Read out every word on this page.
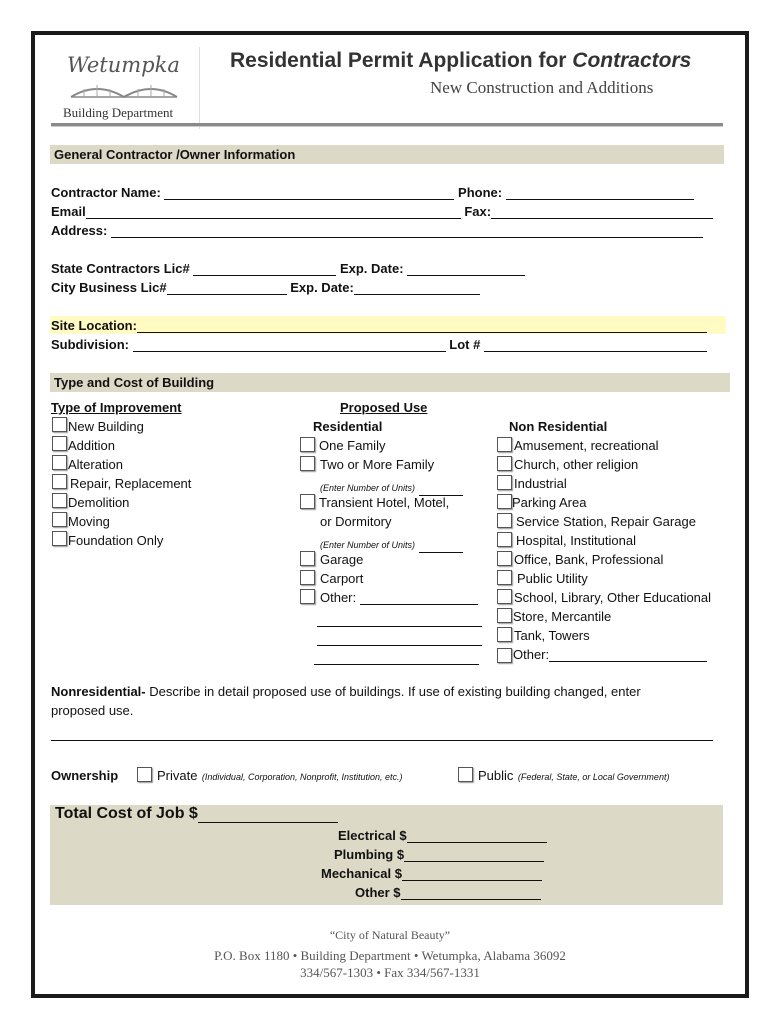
Wetumpka
Building Department
Residential Permit Application for Contractors
New Construction and Additions
General Contractor /Owner Information
Contractor Name:	Phone:
Email	Fax:
Address:
State Contractors Lic#	Exp. Date:
City Business Lic#	Exp. Date:
Site Location:
Subdivision:	Lot #
Type and Cost of Building
Type of Improvement	Proposed Use
Residential	Non Residential
New Building
Addition
Alteration
Repair, Replacement
Demolition
Moving
Foundation Only
One Family
Two or More Family
(Enter Number of Units)
Transient Hotel, Motel,
or Dormitory
(Enter Number of Units)
Garage
Carport
Other:
Amusement, recreational
Church, other religion
Industrial
Parking Area
Service Station, Repair Garage
Hospital, Institutional
Office, Bank, Professional
Public Utility
School, Library, Other Educational
Store, Mercantile
Tank, Towers
Other:
Nonresidential- Describe in detail proposed use of buildings. If use of existing building changed, enter
proposed use.
Ownership	Private (Individual, Corporation, Nonprofit, Institution, etc.)	Public (Federal, State, or Local Government)
Total Cost of Job $
Electrical $
Plumbing $
Mechanical $
Other $
“City of Natural Beauty”
P.O. Box 1180 • Building Department • Wetumpka, Alabama 36092
334/567-1303 • Fax 334/567-1331
